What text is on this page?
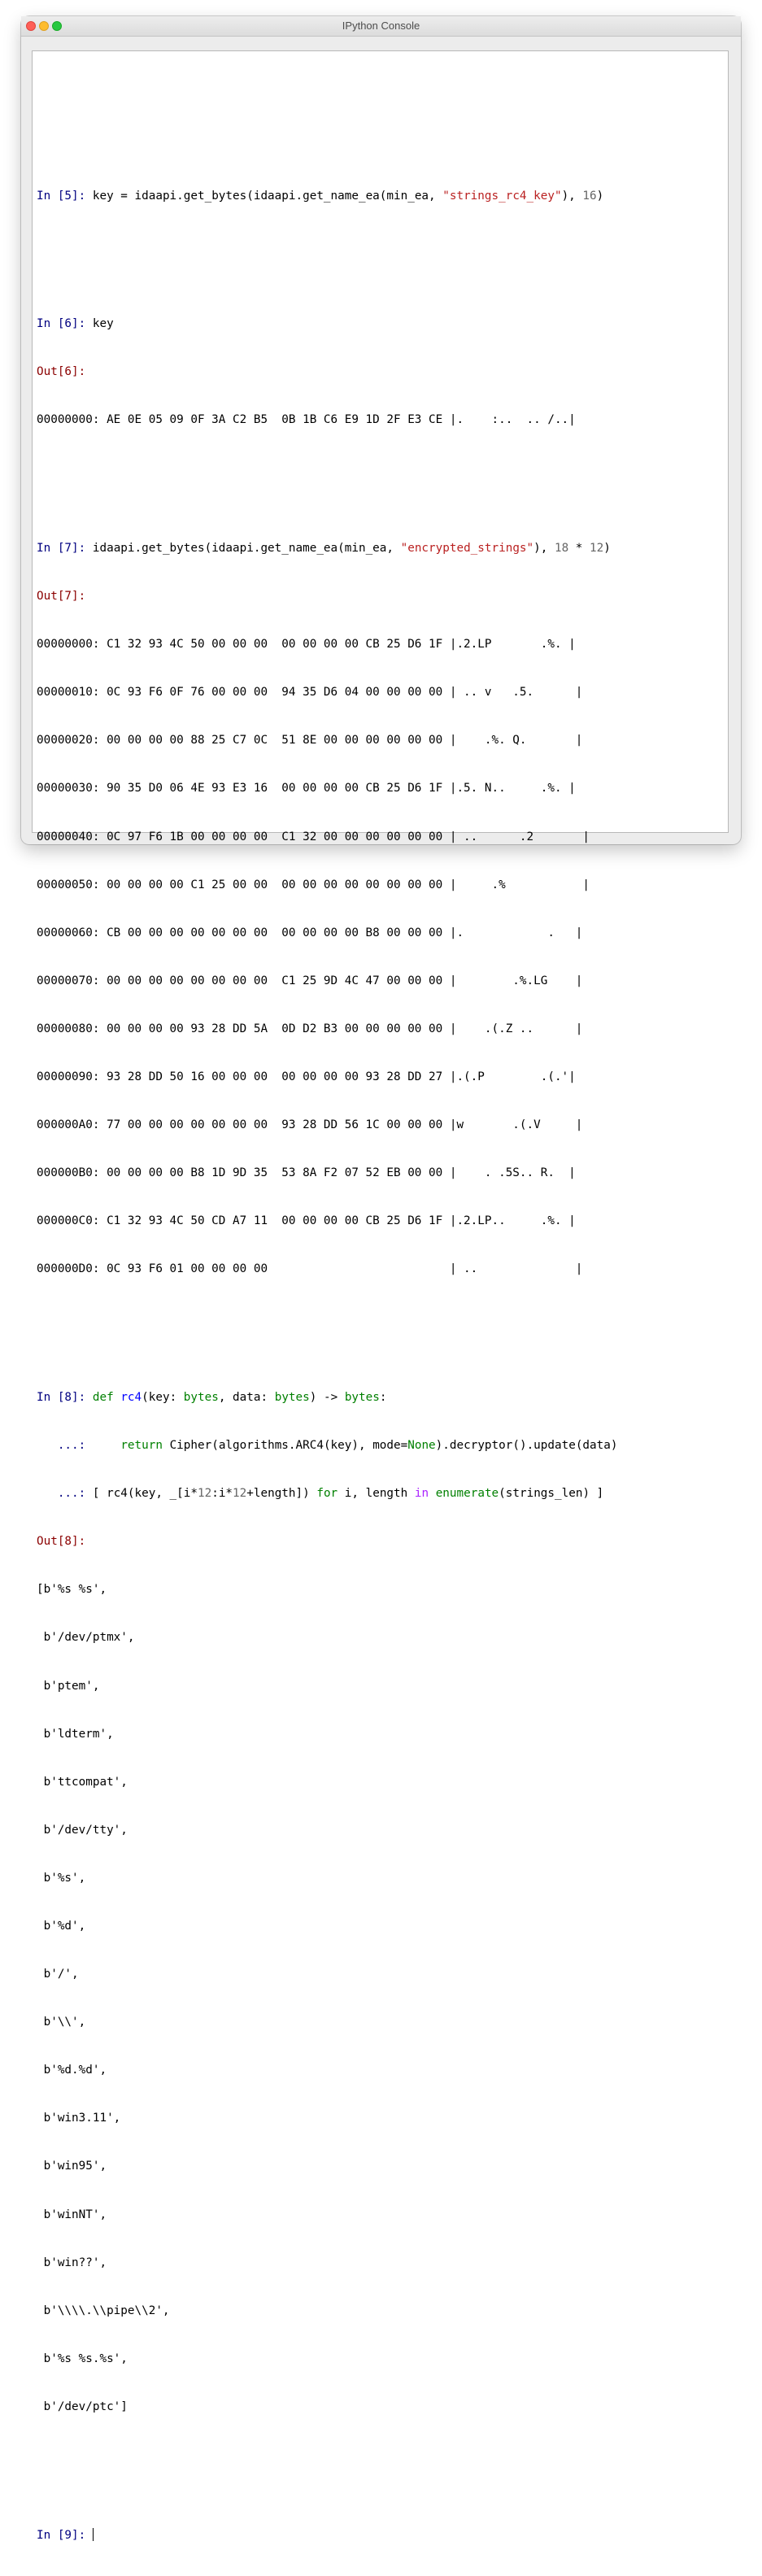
IPython Console

In [5]: key = idaapi.get_bytes(idaapi.get_name_ea(min_ea, "strings_rc4_key"), 16)

In [6]: key

Out[6]:

00000000: AE 0E 05 09 0F 3A C2 B5  0B 1B C6 E9 1D 2F E3 CE |.    :..  .. /..|

In [7]: idaapi.get_bytes(idaapi.get_name_ea(min_ea, "encrypted_strings"), 18 * 12)

Out[7]:

00000000: C1 32 93 4C 50 00 00 00  00 00 00 00 CB 25 D6 1F |.2.LP       .%. |

00000010: 0C 93 F6 0F 76 00 00 00  94 35 D6 04 00 00 00 00 | .. v   .5.      |

00000020: 00 00 00 00 88 25 C7 0C  51 8E 00 00 00 00 00 00 |    .%. Q.       |

00000030: 90 35 D0 06 4E 93 E3 16  00 00 00 00 CB 25 D6 1F |.5. N..     .%. |

00000040: 0C 97 F6 1B 00 00 00 00  C1 32 00 00 00 00 00 00 | ..      .2       |

00000050: 00 00 00 00 C1 25 00 00  00 00 00 00 00 00 00 00 |     .%           |

00000060: CB 00 00 00 00 00 00 00  00 00 00 00 B8 00 00 00 |.            .   |

00000070: 00 00 00 00 00 00 00 00  C1 25 9D 4C 47 00 00 00 |        .%.LG    |

00000080: 00 00 00 00 93 28 DD 5A  0D D2 B3 00 00 00 00 00 |    .(.Z ..      |

00000090: 93 28 DD 50 16 00 00 00  00 00 00 00 93 28 DD 27 |.(.P        .(.'|

000000A0: 77 00 00 00 00 00 00 00  93 28 DD 56 1C 00 00 00 |w       .(.V     |

000000B0: 00 00 00 00 B8 1D 9D 35  53 8A F2 07 52 EB 00 00 |    . .5S.. R.  |

000000C0: C1 32 93 4C 50 CD A7 11  00 00 00 00 CB 25 D6 1F |.2.LP..     .%. |

000000D0: 0C 93 F6 01 00 00 00 00                          | ..              |

In [8]: def rc4(key: bytes, data: bytes) -> bytes:

...:     return Cipher(algorithms.ARC4(key), mode=None).decryptor().update(data)

...: [ rc4(key, _[i*12:i*12+length]) for i, length in enumerate(strings_len) ]

Out[8]:

[b'%s %s',

b'/dev/ptmx',

b'ptem',

b'ldterm',

b'ttcompat',

b'/dev/tty',

b'%s',

b'%d',

b'/',

b'\\',

b'%d.%d',

b'win3.11',

b'win95',

b'winNT',

b'win??',

b'\\\\.\\pipe\\2',

b'%s %s.%s',

b'/dev/ptc']

In [9]:
